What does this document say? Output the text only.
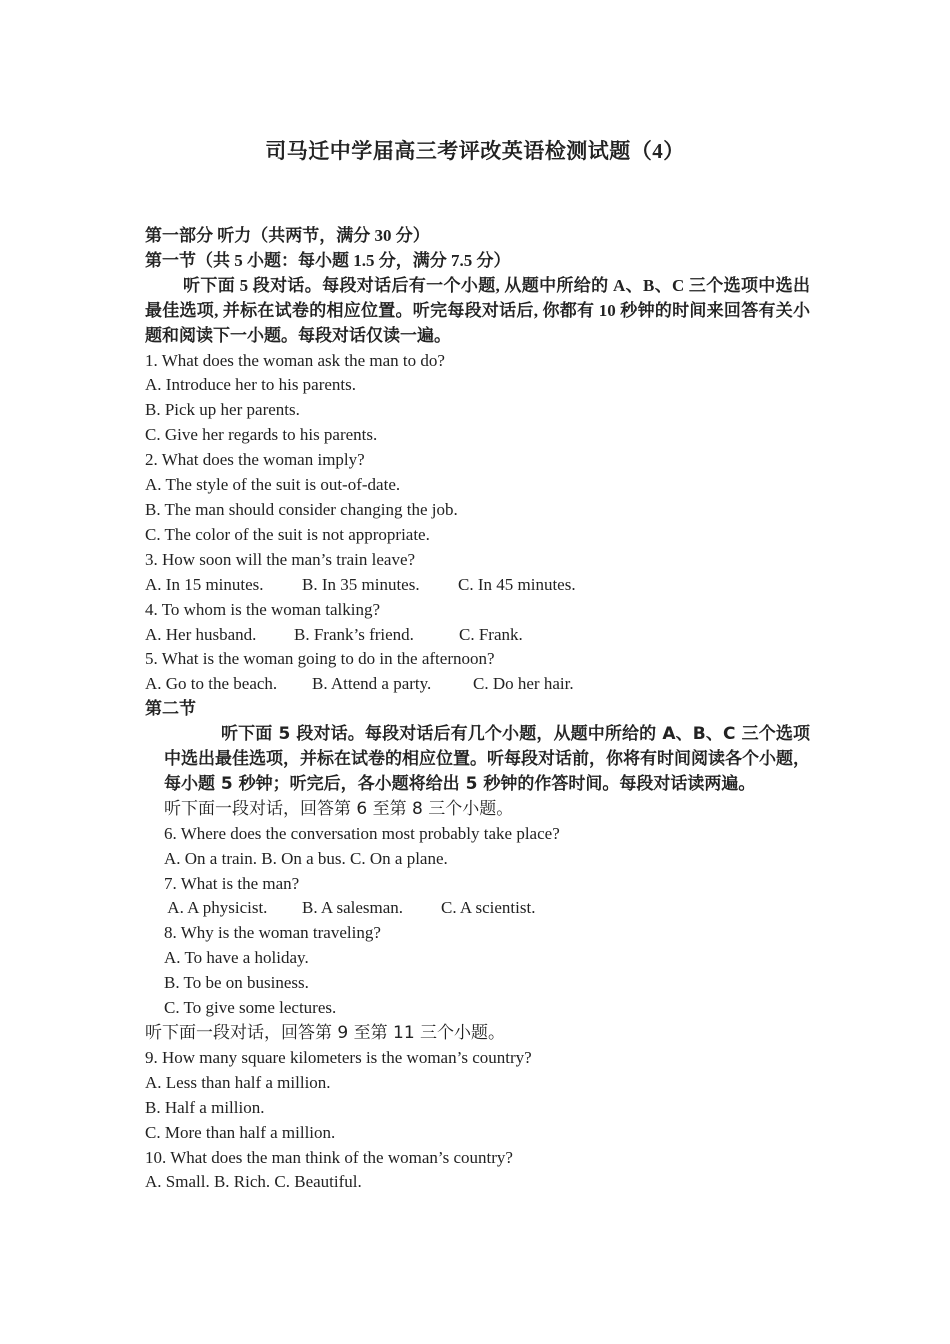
司马迁中学届高三考评改英语检测试题（4）
第一部分 听力（共两节，满分 30 分）
第一节（共 5 小题：每小题 1.5 分，满分 7.5 分）
听下面 5 段对话。每段对话后有一个小题, 从题中所给的 A、B、C 三个选项中选出最佳选项, 并标在试卷的相应位置。听完每段对话后, 你都有 10 秒钟的时间来回答有关小题和阅读下一小题。每段对话仅读一遍。
1. What does the woman ask the man to do?
A. Introduce her to his parents.
B. Pick up her parents.
C. Give her regards to his parents.
2. What does the woman imply?
A. The style of the suit is out-of-date.
B. The man should consider changing the job.
C. The color of the suit is not appropriate.
3. How soon will the man’s train leave?
A. In 15 minutes. B. In 35 minutes. C. In 45 minutes.
4. To whom is the woman talking?
A. Her husband. B. Frank’s friend.	C. Frank.
5. What is the woman going to do in the afternoon?
A. Go to the beach. B. Attend a party. C. Do her hair.
第二节
听下面 5 段对话。每段对话后有几个小题，从题中所给的 A、B、C 三个选项中选出最佳选项，并标在试卷的相应位置。听每段对话前，你将有时间阅读各个小题，每小题 5 秒钟；听完后，各小题将给出 5 秒钟的作答时间。每段对话读两遍。
听下面一段对话，回答第 6 至第 8 三个小题。
6. Where does the conversation most probably take place?
A. On a train. B. On a bus. C. On a plane.
7. What is the man?
A. A physicist. B. A salesman. C. A scientist.
8. Why is the woman traveling?
A. To have a holiday.
B. To be on business.
C. To give some lectures.
听下面一段对话，回答第 9 至第 11 三个小题。
9. How many square kilometers is the woman’s country?
A. Less than half a million.
B. Half a million.
C. More than half a million.
10. What does the man think of the woman’s country?
A. Small. B. Rich. C. Beautiful.
